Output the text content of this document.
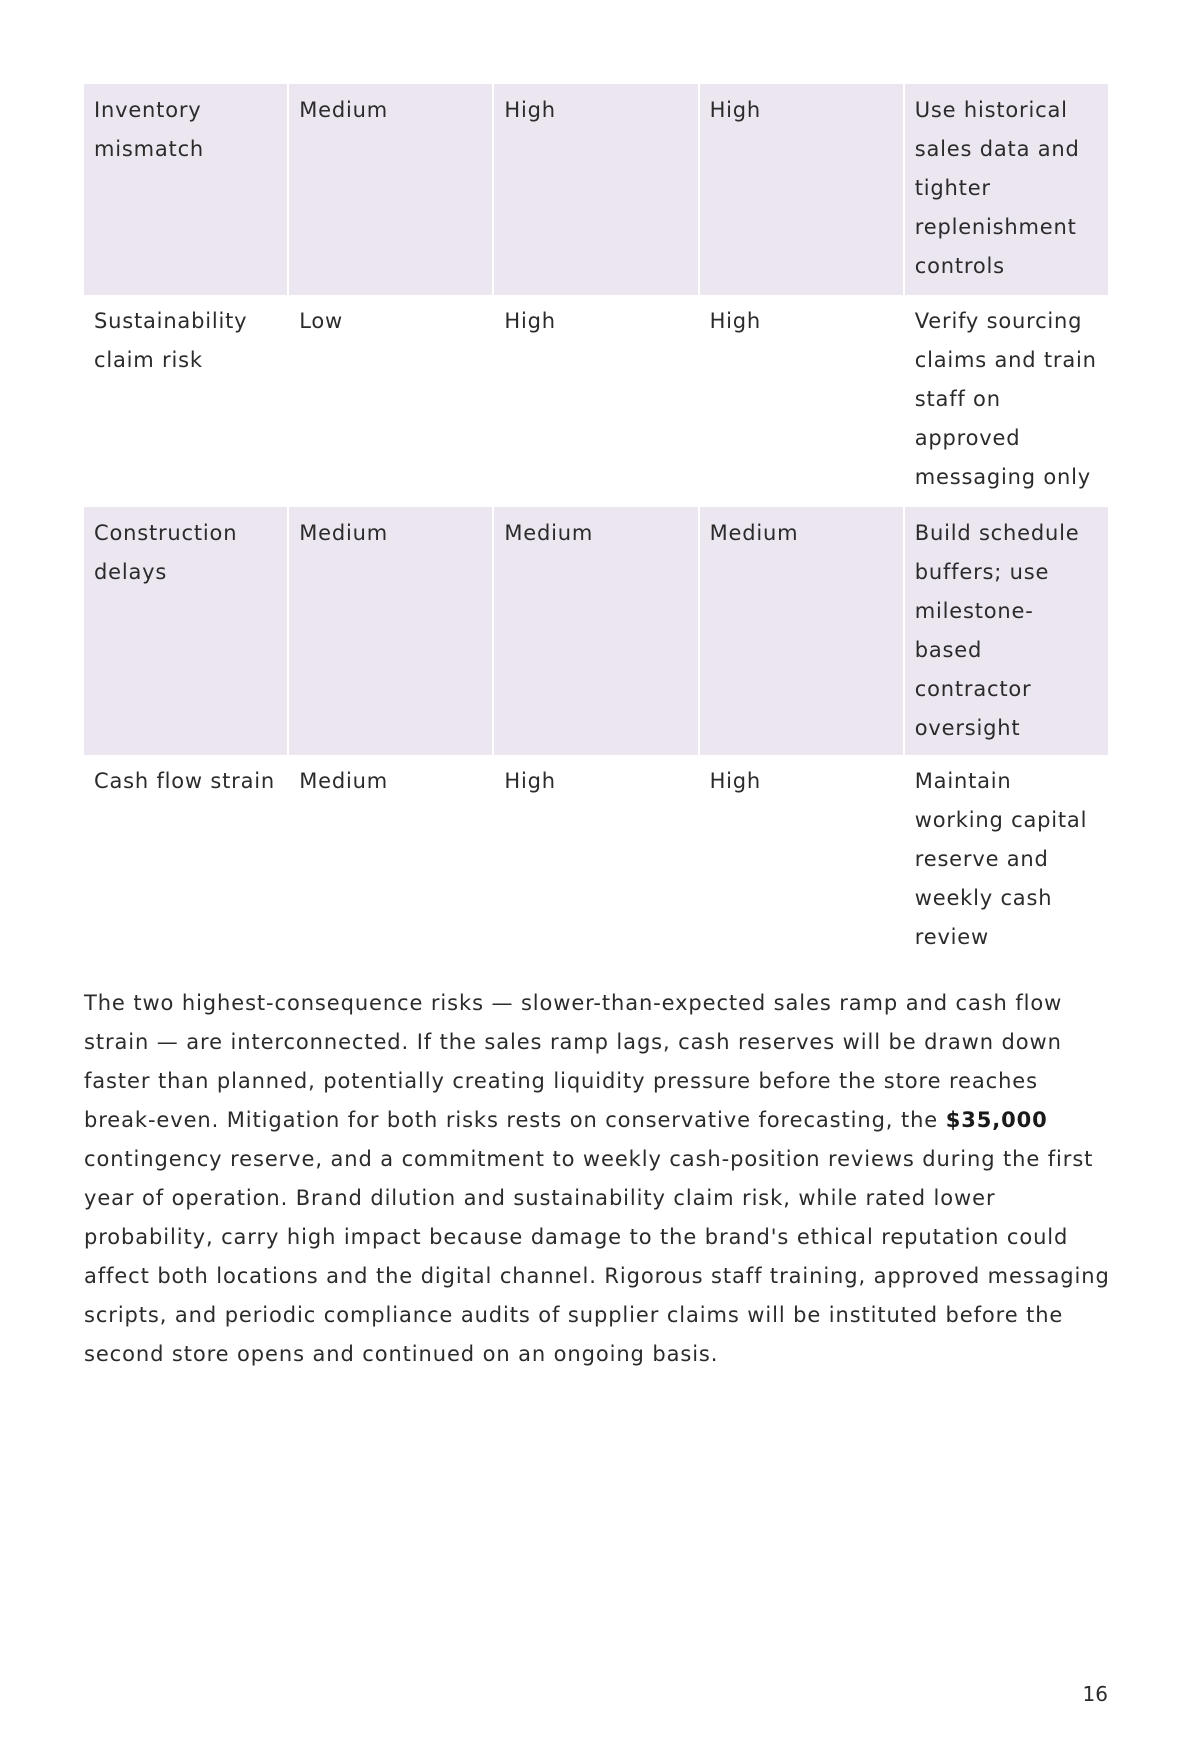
Inventory mismatch	Medium	High	High	Use historical sales data and tighter replenishment controls
Sustainability claim risk	Low	High	High	Verify sourcing claims and train staff on approved messaging only
Construction delays	Medium	Medium	Medium	Build schedule buffers; use milestone-based contractor oversight
Cash flow strain	Medium	High	High	Maintain working capital reserve and weekly cash review

The two highest-consequence risks — slower-than-expected sales ramp and cash flow strain — are interconnected. If the sales ramp lags, cash reserves will be drawn down faster than planned, potentially creating liquidity pressure before the store reaches break-even. Mitigation for both risks rests on conservative forecasting, the $35,000 contingency reserve, and a commitment to weekly cash-position reviews during the first year of operation. Brand dilution and sustainability claim risk, while rated lower probability, carry high impact because damage to the brand's ethical reputation could affect both locations and the digital channel. Rigorous staff training, approved messaging scripts, and periodic compliance audits of supplier claims will be instituted before the second store opens and continued on an ongoing basis.

16
